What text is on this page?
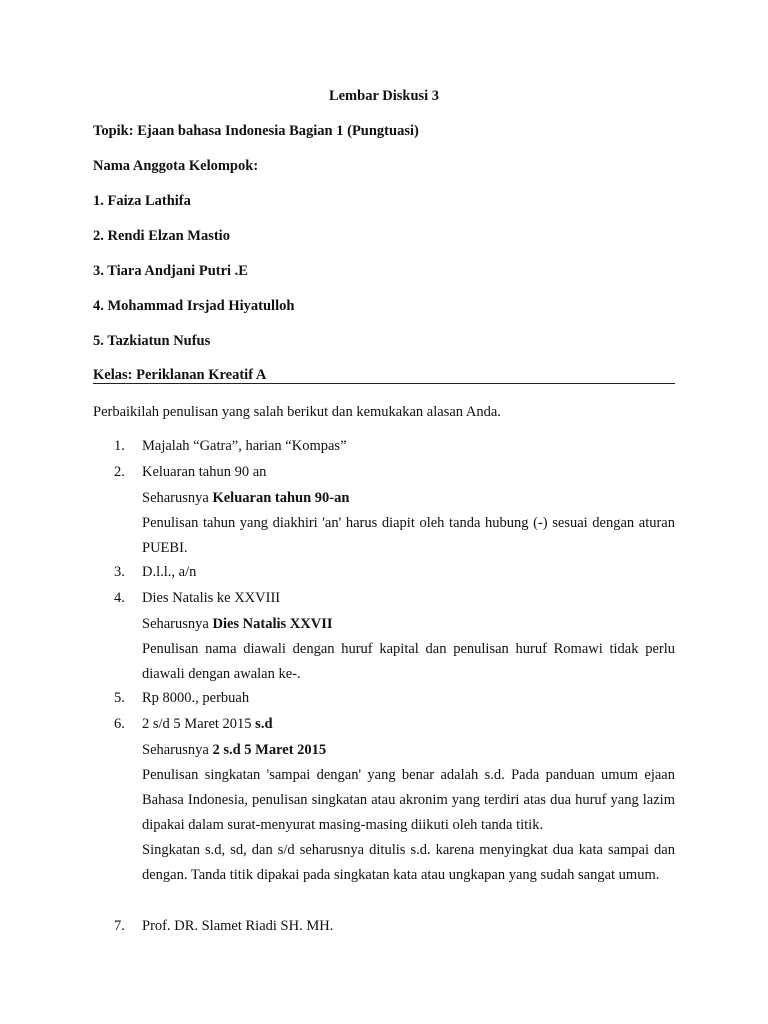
Lembar Diskusi 3
Topik: Ejaan bahasa Indonesia Bagian 1 (Pungtuasi)
Nama Anggota Kelompok:
1. Faiza Lathifa
2. Rendi Elzan Mastio
3. Tiara Andjani Putri .E
4. Mohammad Irsjad Hiyatulloh
5. Tazkiatun Nufus
Kelas: Periklanan Kreatif A
Perbaikilah penulisan yang salah berikut dan kemukakan alasan Anda.
1. Majalah “Gatra”, harian “Kompas”
2. Keluaran tahun 90 an
Seharusnya Keluaran tahun 90-an
Penulisan tahun yang diakhiri 'an' harus diapit oleh tanda hubung (-) sesuai dengan aturan PUEBI.
3. D.l.l., a/n
4. Dies Natalis ke XXVIII
Seharusnya Dies Natalis XXVII
Penulisan nama diawali dengan huruf kapital dan penulisan huruf Romawi tidak perlu diawali dengan awalan ke-.
5. Rp 8000., perbuah
6. 2 s/d 5 Maret 2015 s.d
Seharusnya 2 s.d 5 Maret 2015
Penulisan singkatan 'sampai dengan' yang benar adalah s.d. Pada panduan umum ejaan Bahasa Indonesia, penulisan singkatan atau akronim yang terdiri atas dua huruf yang lazim dipakai dalam surat-menyurat masing-masing diikuti oleh tanda titik.
Singkatan s.d, sd, dan s/d seharusnya ditulis s.d. karena menyingkat dua kata sampai dan dengan. Tanda titik dipakai pada singkatan kata atau ungkapan yang sudah sangat umum.
7. Prof. DR. Slamet Riadi SH. MH.
